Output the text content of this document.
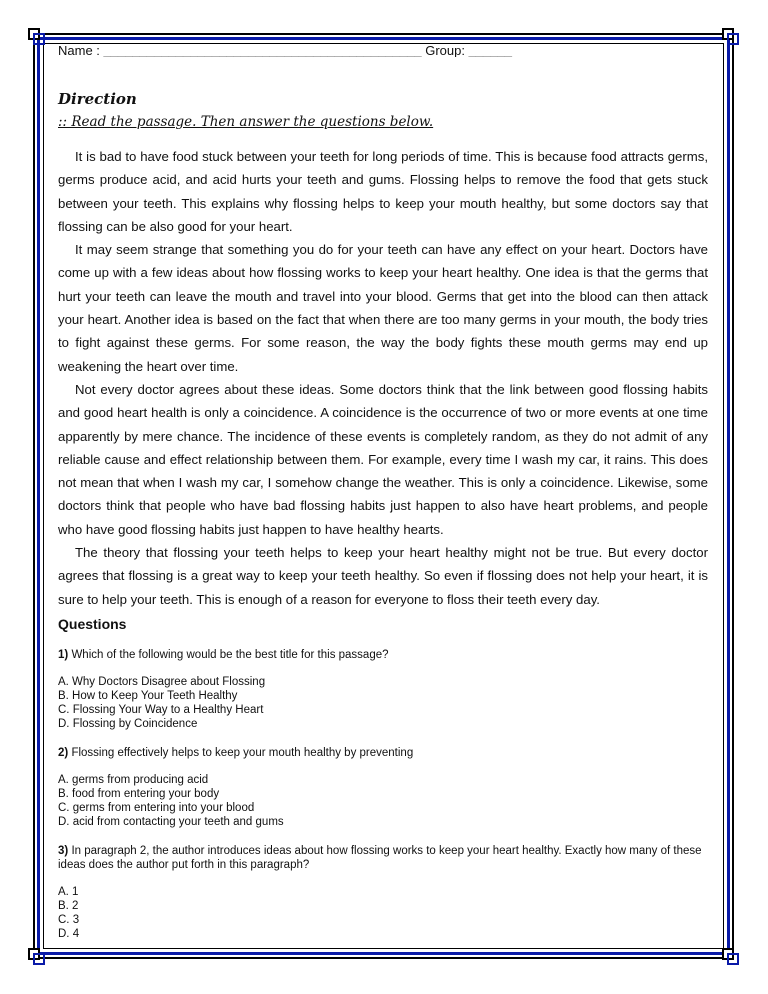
Name : ____________________________________________ Group: ______
Direction
:: Read the passage. Then answer the questions below.

It is bad to have food stuck between your teeth for long periods of time. This is because food attracts germs, germs produce acid, and acid hurts your teeth and gums. Flossing helps to remove the food that gets stuck between your teeth. This explains why flossing helps to keep your mouth healthy, but some doctors say that flossing can be also good for your heart.

It may seem strange that something you do for your teeth can have any effect on your heart. Doctors have come up with a few ideas about how flossing works to keep your heart healthy. One idea is that the germs that hurt your teeth can leave the mouth and travel into your blood. Germs that get into the blood can then attack your heart. Another idea is based on the fact that when there are too many germs in your mouth, the body tries to fight against these germs. For some reason, the way the body fights these mouth germs may end up weakening the heart over time.

Not every doctor agrees about these ideas. Some doctors think that the link between good flossing habits and good heart health is only a coincidence. A coincidence is the occurrence of two or more events at one time apparently by mere chance. The incidence of these events is completely random, as they do not admit of any reliable cause and effect relationship between them. For example, every time I wash my car, it rains. This does not mean that when I wash my car, I somehow change the weather. This is only a coincidence. Likewise, some doctors think that people who have bad flossing habits just happen to also have heart problems, and people who have good flossing habits just happen to have healthy hearts.

The theory that flossing your teeth helps to keep your heart healthy might not be true. But every doctor agrees that flossing is a great way to keep your teeth healthy. So even if flossing does not help your heart, it is sure to help your teeth. This is enough of a reason for everyone to floss their teeth every day.

Questions
1) Which of the following would be the best title for this passage?
A. Why Doctors Disagree about Flossing
B. How to Keep Your Teeth Healthy
C. Flossing Your Way to a Healthy Heart
D. Flossing by Coincidence
2) Flossing effectively helps to keep your mouth healthy by preventing
A. germs from producing acid
B. food from entering your body
C. germs from entering into your blood
D. acid from contacting your teeth and gums
3) In paragraph 2, the author introduces ideas about how flossing works to keep your heart healthy. Exactly how many of these ideas does the author put forth in this paragraph?
A. 1
B. 2
C. 3
D. 4
